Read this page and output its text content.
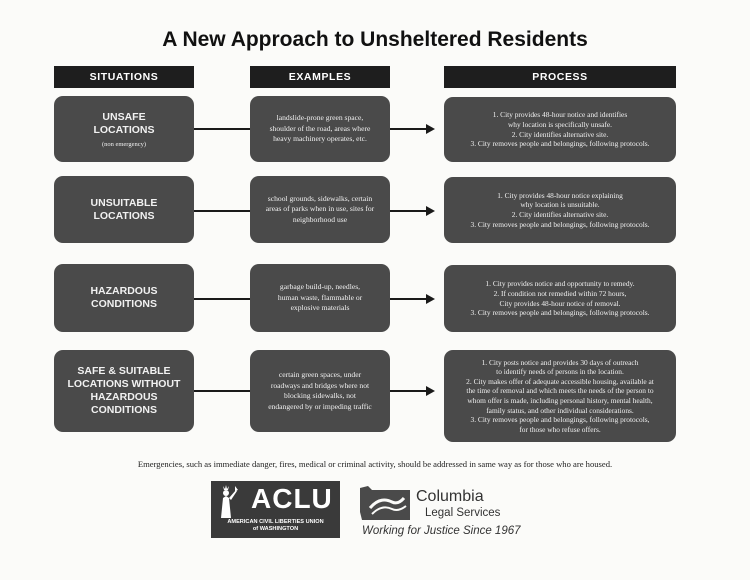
A New Approach to Unsheltered Residents
SITUATIONS	EXAMPLES	PROCESS
UNSAFE
LOCATIONS
(non emergency)
landslide-prone green space,
shoulder of the road, areas where
heavy machinery operates, etc.
1. City provides 48-hour notice and identifies
why location is specifically unsafe.
2. City identifies alternative site.
3. City removes people and belongings, following protocols.
UNSUITABLE
LOCATIONS
school grounds, sidewalks, certain
areas of parks when in use, sites for
neighborhood use
1. City provides 48-hour notice explaining
why location is unsuitable.
2. City identifies alternative site.
3. City removes people and belongings, following protocols.
HAZARDOUS
CONDITIONS
garbage build-up, needles,
human waste, flammable or
explosive materials
1. City provides notice and opportunity to remedy.
2. If condition not remedied within 72 hours,
City provides 48-hour notice of removal.
3. City removes people and belongings, following protocols.
SAFE & SUITABLE
LOCATIONS WITHOUT
HAZARDOUS
CONDITIONS
certain green spaces, under
roadways and bridges where not
blocking sidewalks, not
endangered by or impeding traffic
1. City posts notice and provides 30 days of outreach
to identify needs of persons in the location.
2. City makes offer of adequate accessible housing, available at
the time of removal and which meets the needs of the person to
whom offer is made, including personal history, mental health,
family status, and other individual considerations.
3. City removes people and belongings, following protocols,
for those who refuse offers.
Emergencies, such as immediate danger, fires, medical or criminal activity, should be addressed in same way as for those who are housed.
ACLU
AMERICAN CIVIL LIBERTIES UNION
of WASHINGTON
Columbia
Legal Services
Working for Justice Since 1967
